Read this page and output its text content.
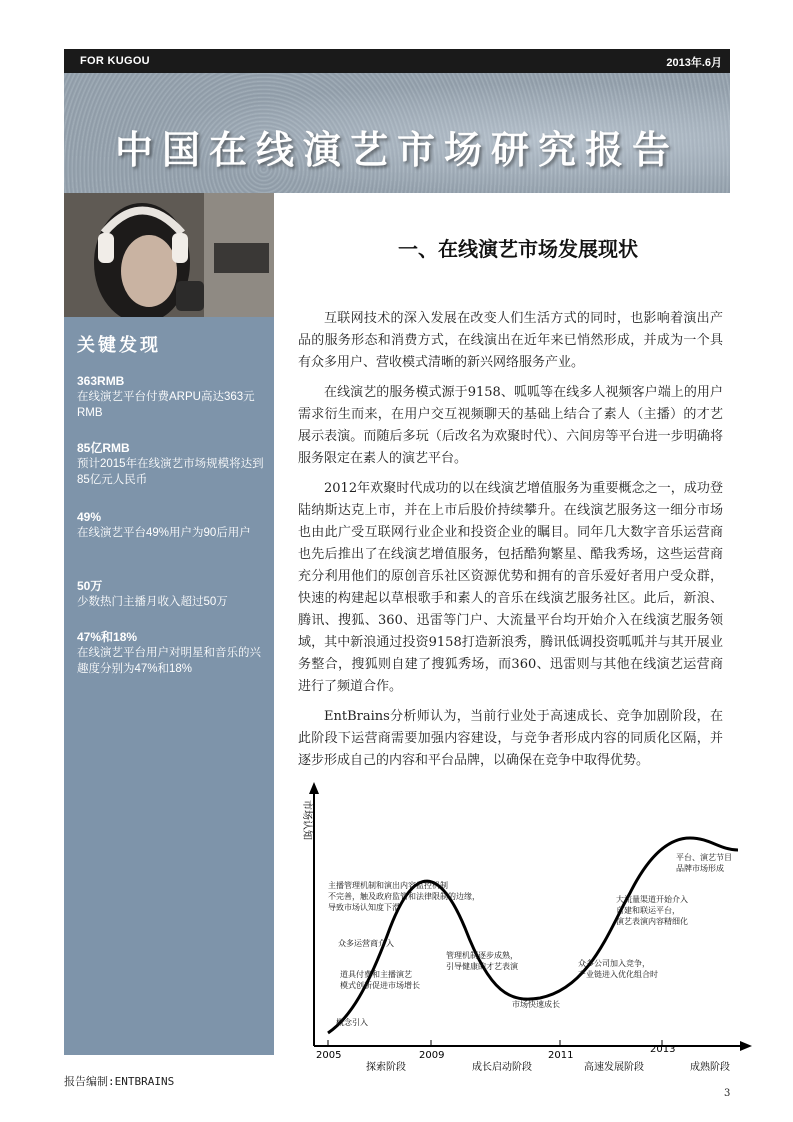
FOR KUGOU	2013年.6月
中国在线演艺市场研究报告
关键发现
363RMB
在线演艺平台付费ARPU高达363元RMB
85亿RMB
预计2015年在线演艺市场规模将达到85亿元人民币
49%
在线演艺平台49%用户为90后用户
50万
少数热门主播月收入超过50万
47%和18%
在线演艺平台用户对明星和音乐的兴趣度分别为47%和18%
一、在线演艺市场发展现状

互联网技术的深入发展在改变人们生活方式的同时，也影响着演出产品的服务形态和消费方式，在线演出在近年来已悄然形成，并成为一个具有众多用户、营收模式清晰的新兴网络服务产业。

在线演艺的服务模式源于9158、呱呱等在线多人视频客户端上的用户需求衍生而来，在用户交互视频聊天的基础上结合了素人（主播）的才艺展示表演。而随后多玩（后改名为欢聚时代）、六间房等平台进一步明确将服务限定在素人的演艺平台。

2012年欢聚时代成功的以在线演艺增值服务为重要概念之一，成功登陆纳斯达克上市，并在上市后股价持续攀升。在线演艺服务这一细分市场也由此广受互联网行业企业和投资企业的瞩目。同年几大数字音乐运营商也先后推出了在线演艺增值服务，包括酷狗繁星、酷我秀场，这些运营商充分利用他们的原创音乐社区资源优势和拥有的音乐爱好者用户受众群，快速的构建起以草根歌手和素人的音乐在线演艺服务社区。此后，新浪、腾讯、搜狐、360、迅雷等门户、大流量平台均开始介入在线演艺服务领域，其中新浪通过投资9158打造新浪秀，腾讯低调投资呱呱并与其开展业务整合，搜狐则自建了搜狐秀场，而360、迅雷则与其他在线演艺运营商进行了频道合作。

EntBrains分析师认为，当前行业处于高速成长、竞争加剧阶段，在此阶段下运营商需要加强内容建设，与竞争者形成内容的同质化区隔，并逐步形成自己的内容和平台品牌，以确保在竞争中取得优势。

市场认知
2005	2009	2011
2013
探索阶段	成长启动阶段	高速发展阶段	成熟阶段
概念引入
道具付费和主播演艺模式创新促进市场增长
众多运营商介入
主播管理机制和演出内容监控机制不完善，触及政府监管和法律限制的边缘，导致市场认知度下滑
管理机制逐步成熟，引导健康的才艺表演
市场快速成长
众多公司加入竞争，产业链进入优化组合时
大流量渠道开始介入自建和联运平台，演艺表演内容精细化
平台、演艺节目品牌市场形成
报告编制:ENTBRAINS
3
